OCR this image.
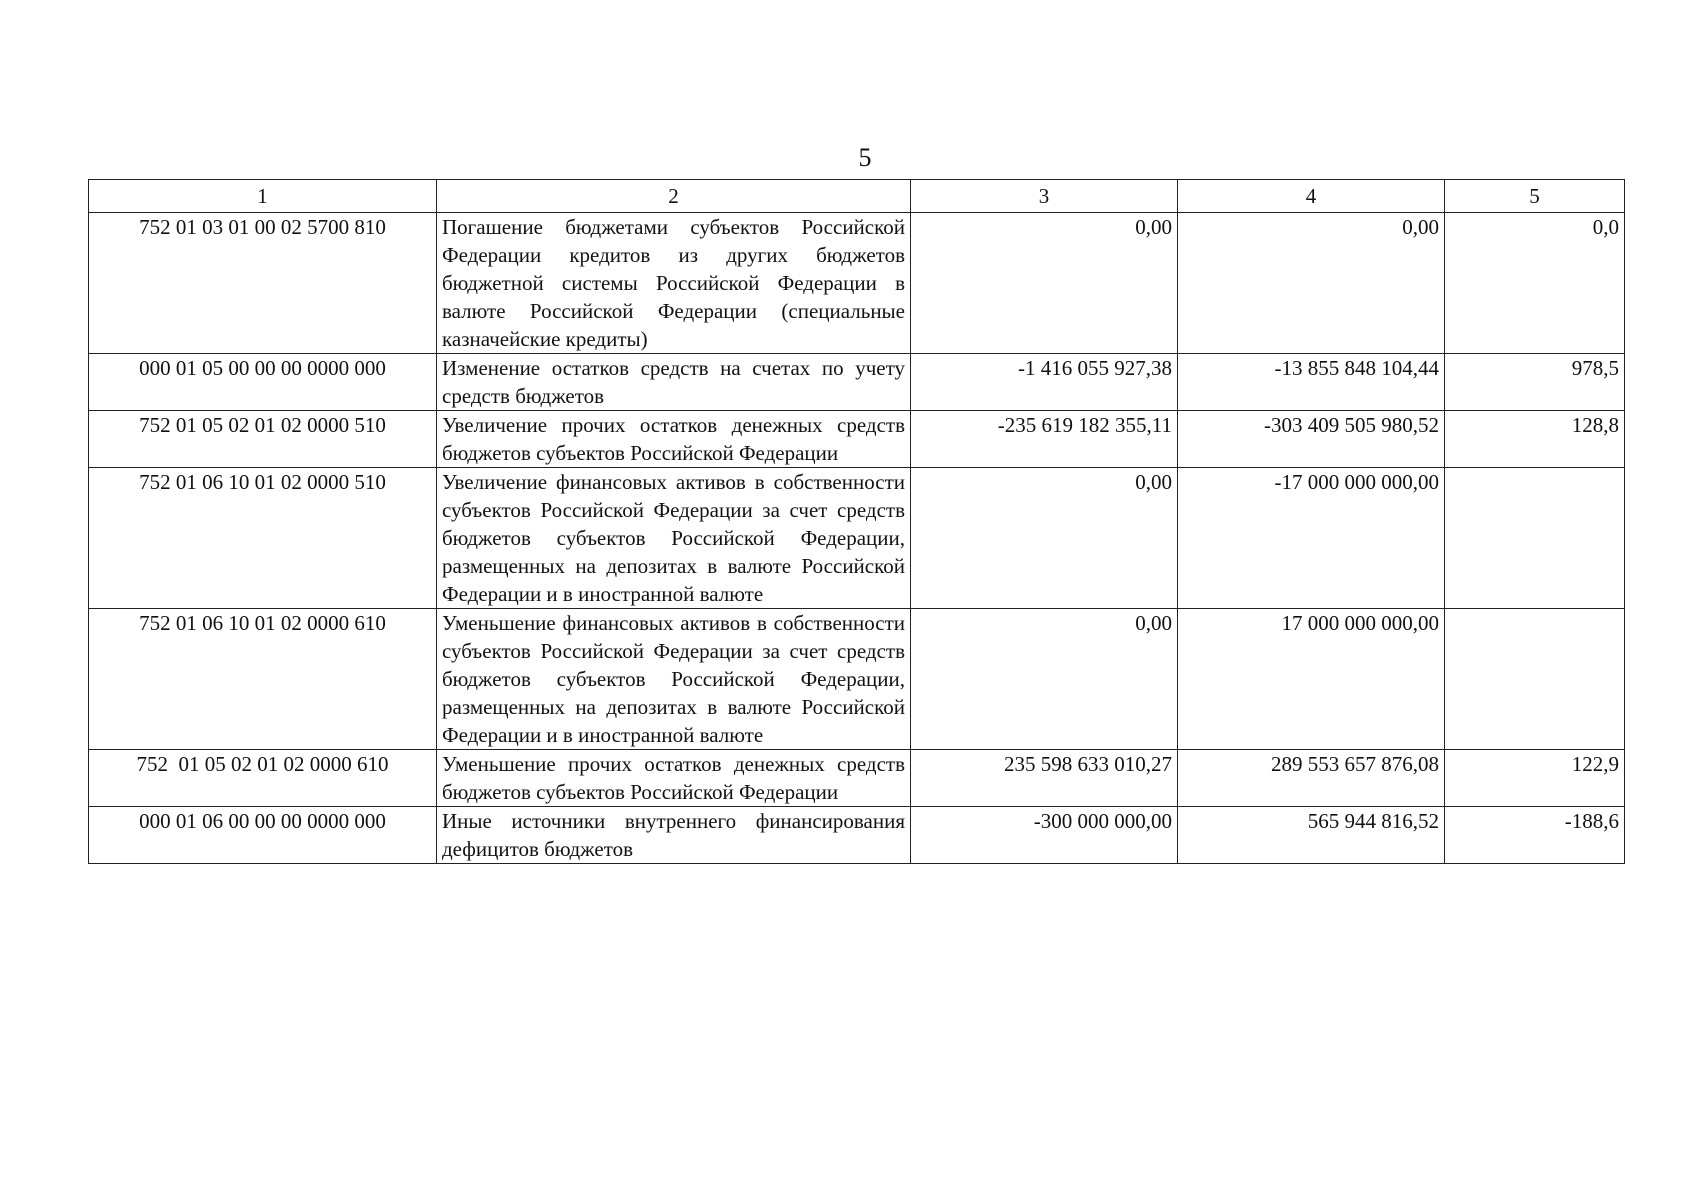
5
1	2	3	4	5
752 01 03 01 00 02 5700 810	Погашение бюджетами субъектов Российской Федерации кредитов из других бюджетов бюджетной системы Российской Федерации в валюте Российской Федерации (специальные казначейские кредиты)	0,00	0,00	0,0
000 01 05 00 00 00 0000 000	Изменение остатков средств на счетах по учету средств бюджетов	-1 416 055 927,38	-13 855 848 104,44	978,5
752 01 05 02 01 02 0000 510	Увеличение прочих остатков денежных средств бюджетов субъектов Российской Федерации	-235 619 182 355,11	-303 409 505 980,52	128,8
752 01 06 10 01 02 0000 510	Увеличение финансовых активов в собственности субъектов Российской Федерации за счет средств бюджетов субъектов Российской Федерации, размещенных на депозитах в валюте Российской Федерации и в иностранной валюте	0,00	-17 000 000 000,00	
752 01 06 10 01 02 0000 610	Уменьшение финансовых активов в собственности субъектов Российской Федерации за счет средств бюджетов субъектов Российской Федерации, размещенных на депозитах в валюте Российской Федерации и в иностранной валюте	0,00	17 000 000 000,00	
752  01 05 02 01 02 0000 610	Уменьшение прочих остатков денежных средств бюджетов субъектов Российской Федерации	235 598 633 010,27	289 553 657 876,08	122,9
000 01 06 00 00 00 0000 000	Иные источники внутреннего финансирования дефицитов бюджетов	-300 000 000,00	565 944 816,52	-188,6
